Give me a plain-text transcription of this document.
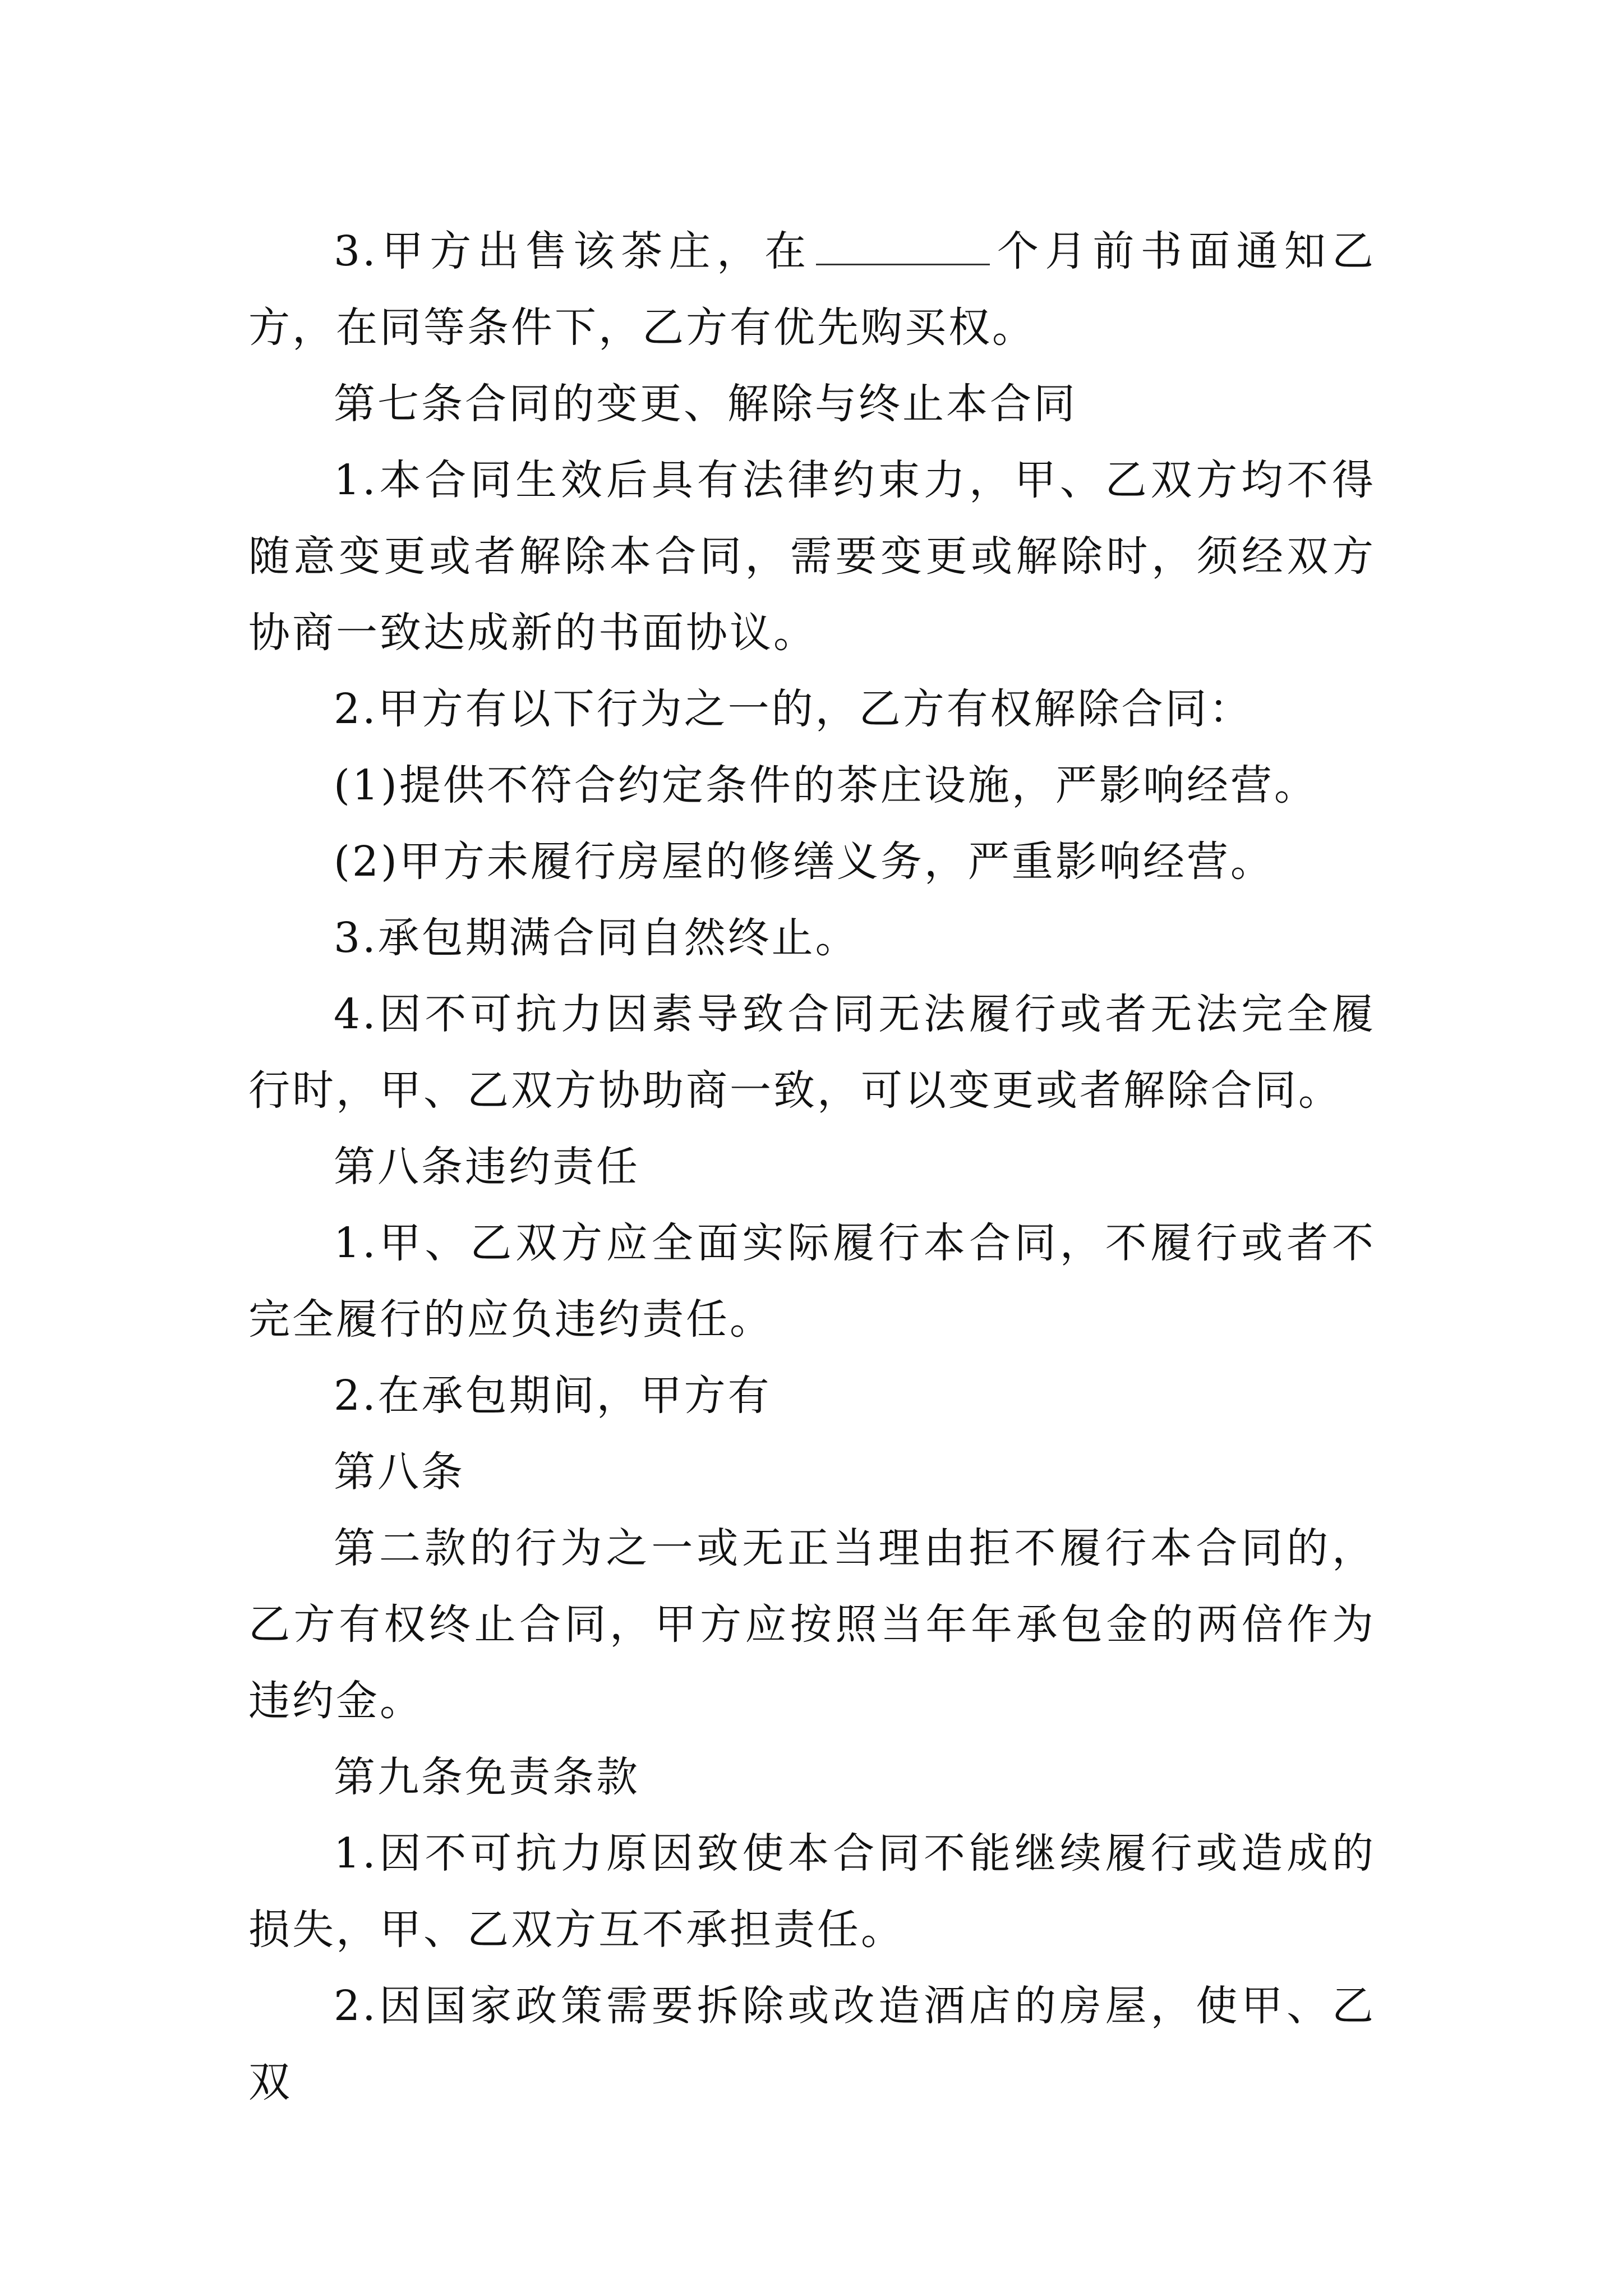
3.甲方出售该茶庄，在	个月前书面通知乙方，在同等条件下，乙方有优先购买权。

第七条合同的变更、解除与终止本合同

1.本合同生效后具有法律约束力，甲、乙双方均不得随意变更或者解除本合同，需要变更或解除时，须经双方协商一致达成新的书面协议。

2.甲方有以下行为之一的，乙方有权解除合同：

(1)提供不符合约定条件的茶庄设施，严影响经营。

(2)甲方未履行房屋的修缮义务，严重影响经营。

3.承包期满合同自然终止。

4.因不可抗力因素导致合同无法履行或者无法完全履行时，甲、乙双方协助商一致，可以变更或者解除合同。

第八条违约责任

1.甲、乙双方应全面实际履行本合同，不履行或者不完全履行的应负违约责任。

2.在承包期间，甲方有

第八条

第二款的行为之一或无正当理由拒不履行本合同的，乙方有权终止合同，甲方应按照当年年承包金的两倍作为违约金。

第九条免责条款

1.因不可抗力原因致使本合同不能继续履行或造成的损失，甲、乙双方互不承担责任。

2.因国家政策需要拆除或改造酒店的房屋，使甲、乙双
